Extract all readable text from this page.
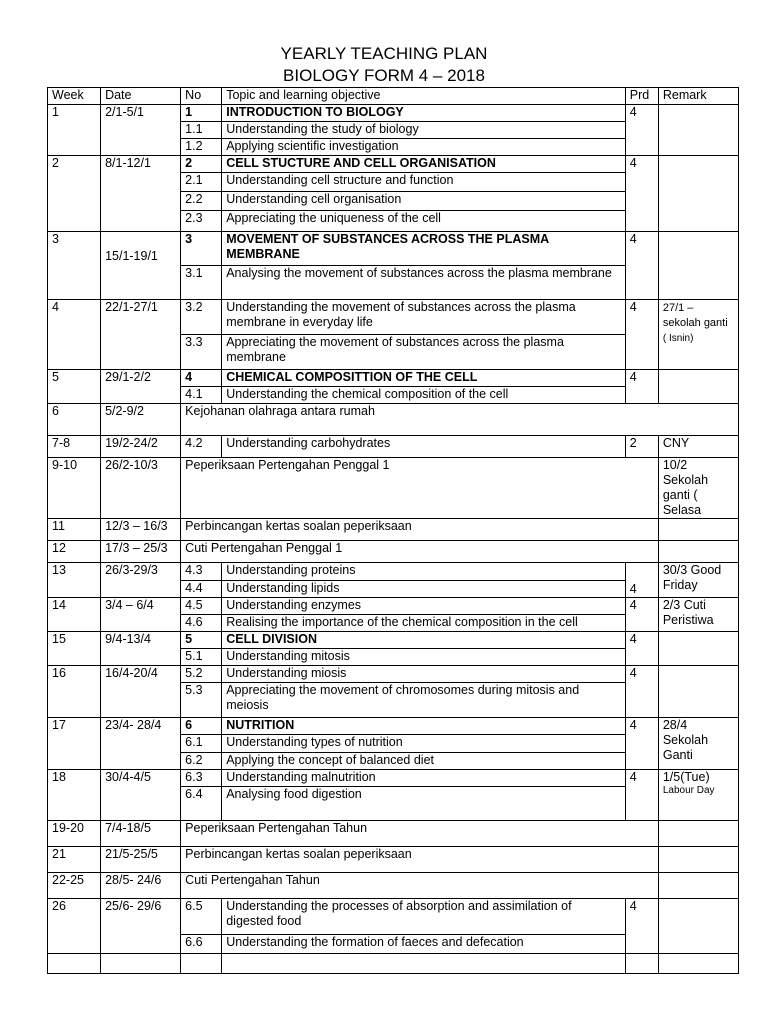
YEARLY TEACHING PLAN
BIOLOGY FORM 4 – 2018
Week	Date	No	Topic and learning objective	Prd	Remark
1	2/1-5/1	1	INTRODUCTION TO BIOLOGY	4	
		1.1	Understanding the study of biology		
		1.2	Applying scientific investigation		
2	8/1-12/1	2	CELL STUCTURE AND CELL ORGANISATION	4	
		2.1	Understanding cell structure and function		
		2.2	Understanding cell organisation		
		2.3	Appreciating the uniqueness of the cell		
3	15/1-19/1	3	MOVEMENT OF SUBSTANCES ACROSS THE PLASMA MEMBRANE	4	
		3.1	Analysing the movement of substances across the plasma membrane		
4	22/1-27/1	3.2	Understanding the movement of substances across the plasma membrane in everyday life	4	27/1 – sekolah ganti ( Isnin)
		3.3	Appreciating the movement of substances across the plasma membrane		
5	29/1-2/2	4	CHEMICAL COMPOSITTION OF THE CELL	4	
		4.1	Understanding the chemical composition of the cell		
6	5/2-9/2	Kejohanan olahraga antara rumah			
7-8	19/2-24/2	4.2	Understanding carbohydrates	2	CNY
9-10	26/2-10/3	Peperiksaan Pertengahan Penggal 1			10/2 Sekolah ganti ( Selasa
11	12/3 – 16/3	Perbincangan kertas soalan peperiksaan			
12	17/3 – 25/3	Cuti Pertengahan Penggal 1			
13	26/3-29/3	4.3	Understanding proteins	4	30/3 Good Friday
		4.4	Understanding lipids		
14	3/4 – 6/4	4.5	Understanding enzymes	4	2/3 Cuti Peristiwa
		4.6	Realising the importance of the chemical composition in the cell		
15	9/4-13/4	5	CELL DIVISION	4	
		5.1	Understanding mitosis		
16	16/4-20/4	5.2	Understanding miosis	4	
		5.3	Appreciating the movement of chromosomes during mitosis and meiosis		
17	23/4- 28/4	6	NUTRITION	4	28/4 Sekolah Ganti
		6.1	Understanding types of nutrition		
		6.2	Applying the concept of balanced diet		
18	30/4-4/5	6.3	Understanding malnutrition	4	1/5(Tue)
Labour Day

		6.4	Analysing food digestion		
19-20	7/4-18/5	Peperiksaan Pertengahan Tahun			
21	21/5-25/5	Perbincangan kertas soalan peperiksaan			
22-25	28/5- 24/6	Cuti Pertengahan Tahun			
26	25/6- 29/6	6.5	Understanding the processes of absorption and assimilation of digested food	4	
		6.6	Understanding the formation of faeces and defecation		
